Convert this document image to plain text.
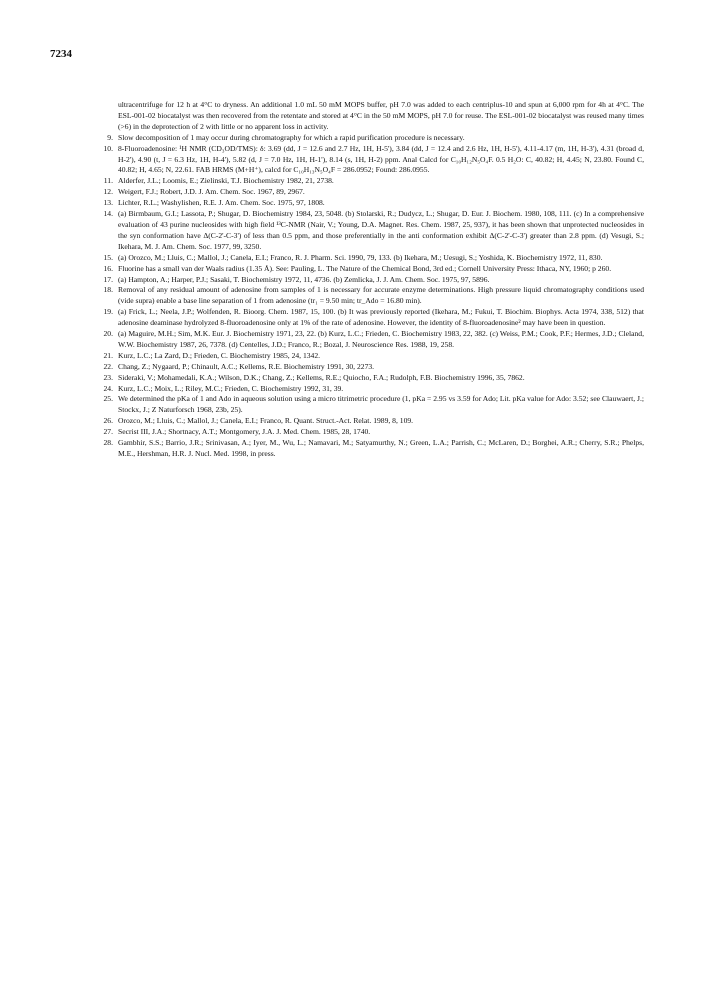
7234
ultracentrifuge for 12 h at 4°C to dryness. An additional 1.0 mL 50 mM MOPS buffer, pH 7.0 was added to each centriplus-10 and spun at 6,000 rpm for 4h at 4°C. The ESL-001-02 biocatalyst was then recovered from the retentate and stored at 4°C in the 50 mM MOPS, pH 7.0 for reuse. The ESL-001-02 biocatalyst was reused many times (>6) in the deprotection of 2 with little or no apparent loss in activity.
9. Slow decomposition of 1 may occur during chromatography for which a rapid purification procedure is necessary.
10. 8-Fluoroadenosine: ¹H NMR (CD₃OD/TMS): δ: 3.69 (dd, J = 12.6 and 2.7 Hz, 1H, H-5'), 3.84 (dd, J = 12.4 and 2.6 Hz, 1H, H-5'), 4.11-4.17 (m, 1H, H-3'), 4.31 (broad d, H-2'), 4.90 (t, J = 6.3 Hz, 1H, H-4'), 5.82 (d, J = 7.0 Hz, 1H, H-1'), 8.14 (s, 1H, H-2) ppm. Anal Calcd for C₁₀H₁₂N₅O₄F. 0.5 H₂O: C, 40.82; H, 4.45; N, 23.80. Found C, 40.82; H, 4.65; N, 22.61. FAB HRMS (M+H⁺), calcd for C₁₀H₁₃N₅O₄F = 286.0952; Found: 286.0955.
11. Alderfer, J.L.; Loomis, E.; Zielinski, T.J. Biochemistry 1982, 21, 2738.
12. Weigert, F.J.; Robert, J.D. J. Am. Chem. Soc. 1967, 89, 2967.
13. Lichter, R.L.; Washylishen, R.E. J. Am. Chem. Soc. 1975, 97, 1808.
14. (a) Birmbaum, G.I.; Lassota, P.; Shugar, D. Biochemistry 1984, 23, 5048. (b) Stolarski, R.; Dudycz, L.; Shugar, D. Eur. J. Biochem. 1980, 108, 111. (c) In a comprehensive evaluation of 43 purine nucleosides with high field ¹³C-NMR (Nair, V.; Young, D.A. Magnet. Res. Chem. 1987, 25, 937), it has been shown that unprotected nucleosides in the syn conformation have Δ(C-2'-C-3') of less than 0.5 ppm, and those preferentially in the anti conformation exhibit Δ(C-2'-C-3') greater than 2.8 ppm. (d) Vesugi, S.; Ikehara, M. J. Am. Chem. Soc. 1977, 99, 3250.
15. (a) Orozco, M.; Lluis, C.; Mallol, J.; Canela, E.I.; Franco, R. J. Pharm. Sci. 1990, 79, 133. (b) Ikehara, M.; Uesugi, S.; Yoshida, K. Biochemistry 1972, 11, 830.
16. Fluorine has a small van der Waals radius (1.35 Å). See: Pauling, L. The Nature of the Chemical Bond, 3rd ed.; Cornell University Press: Ithaca, NY, 1960; p 260.
17. (a) Hampton, A.; Harper, P.J.; Sasaki, T. Biochemistry 1972, 11, 4736. (b) Zemlicka, J. J. Am. Chem. Soc. 1975, 97, 5896.
18. Removal of any residual amount of adenosine from samples of 1 is necessary for accurate enzyme determinations. High pressure liquid chromatography conditions used (vide supra) enable a base line separation of 1 from adenosine (tr₁ = 9.50 min; tr_Ado = 16.80 min).
19. (a) Frick, L.; Neela, J.P.; Wolfenden, R. Bioorg. Chem. 1987, 15, 100. (b) It was previously reported (Ikehara, M.; Fukui, T. Biochim. Biophys. Acta 1974, 338, 512) that adenosine deaminase hydrolyzed 8-fluoroadenosine only at 1% of the rate of adenosine. However, the identity of 8-fluoroadenosine² may have been in question.
20. (a) Maguire, M.H.; Sim, M.K. Eur. J. Biochemistry 1971, 23, 22. (b) Kurz, L.C.; Frieden, C. Biochemistry 1983, 22, 382. (c) Weiss, P.M.; Cook, P.F.; Hermes, J.D.; Cleland, W.W. Biochemistry 1987, 26, 7378. (d) Centelles, J.D.; Franco, R.; Bozal, J. Neuroscience Res. 1988, 19, 258.
21. Kurz, L.C.; La Zard, D.; Frieden, C. Biochemistry 1985, 24, 1342.
22. Chang, Z.; Nygaard, P.; Chinault, A.C.; Kellems, R.E. Biochemistry 1991, 30, 2273.
23. Sideraki, V.; Mohamedali, K.A.; Wilson, D.K.; Chang, Z.; Kellems, R.E.; Quiocho, F.A.; Rudolph, F.B. Biochemistry 1996, 35, 7862.
24. Kurz, L.C.; Moix, L.; Riley, M.C.; Frieden, C. Biochemistry 1992, 31, 39.
25. We determined the pKa of 1 and Ado in aqueous solution using a micro titrimetric procedure (1, pKa = 2.95 vs 3.59 for Ado; Lit. pKa value for Ado: 3.52; see Clauwaert, J.; Stockx, J.; Z Naturforsch 1968, 23b, 25).
26. Orozco, M.; Lluis, C.; Mallol, J.; Canela, E.I.; Franco, R. Quant. Struct.-Act. Relat. 1989, 8, 109.
27. Secrist III, J.A.; Shortnacy, A.T.; Montgomery, J.A. J. Med. Chem. 1985, 28, 1740.
28. Gambhir, S.S.; Barrio, J.R.; Srinivasan, A.; Iyer, M., Wu, L.; Namavari, M.; Satyamurthy, N.; Green, L.A.; Parrish, C.; McLaren, D.; Borghei, A.R.; Cherry, S.R.; Phelps, M.E., Hershman, H.R. J. Nucl. Med. 1998, in press.
